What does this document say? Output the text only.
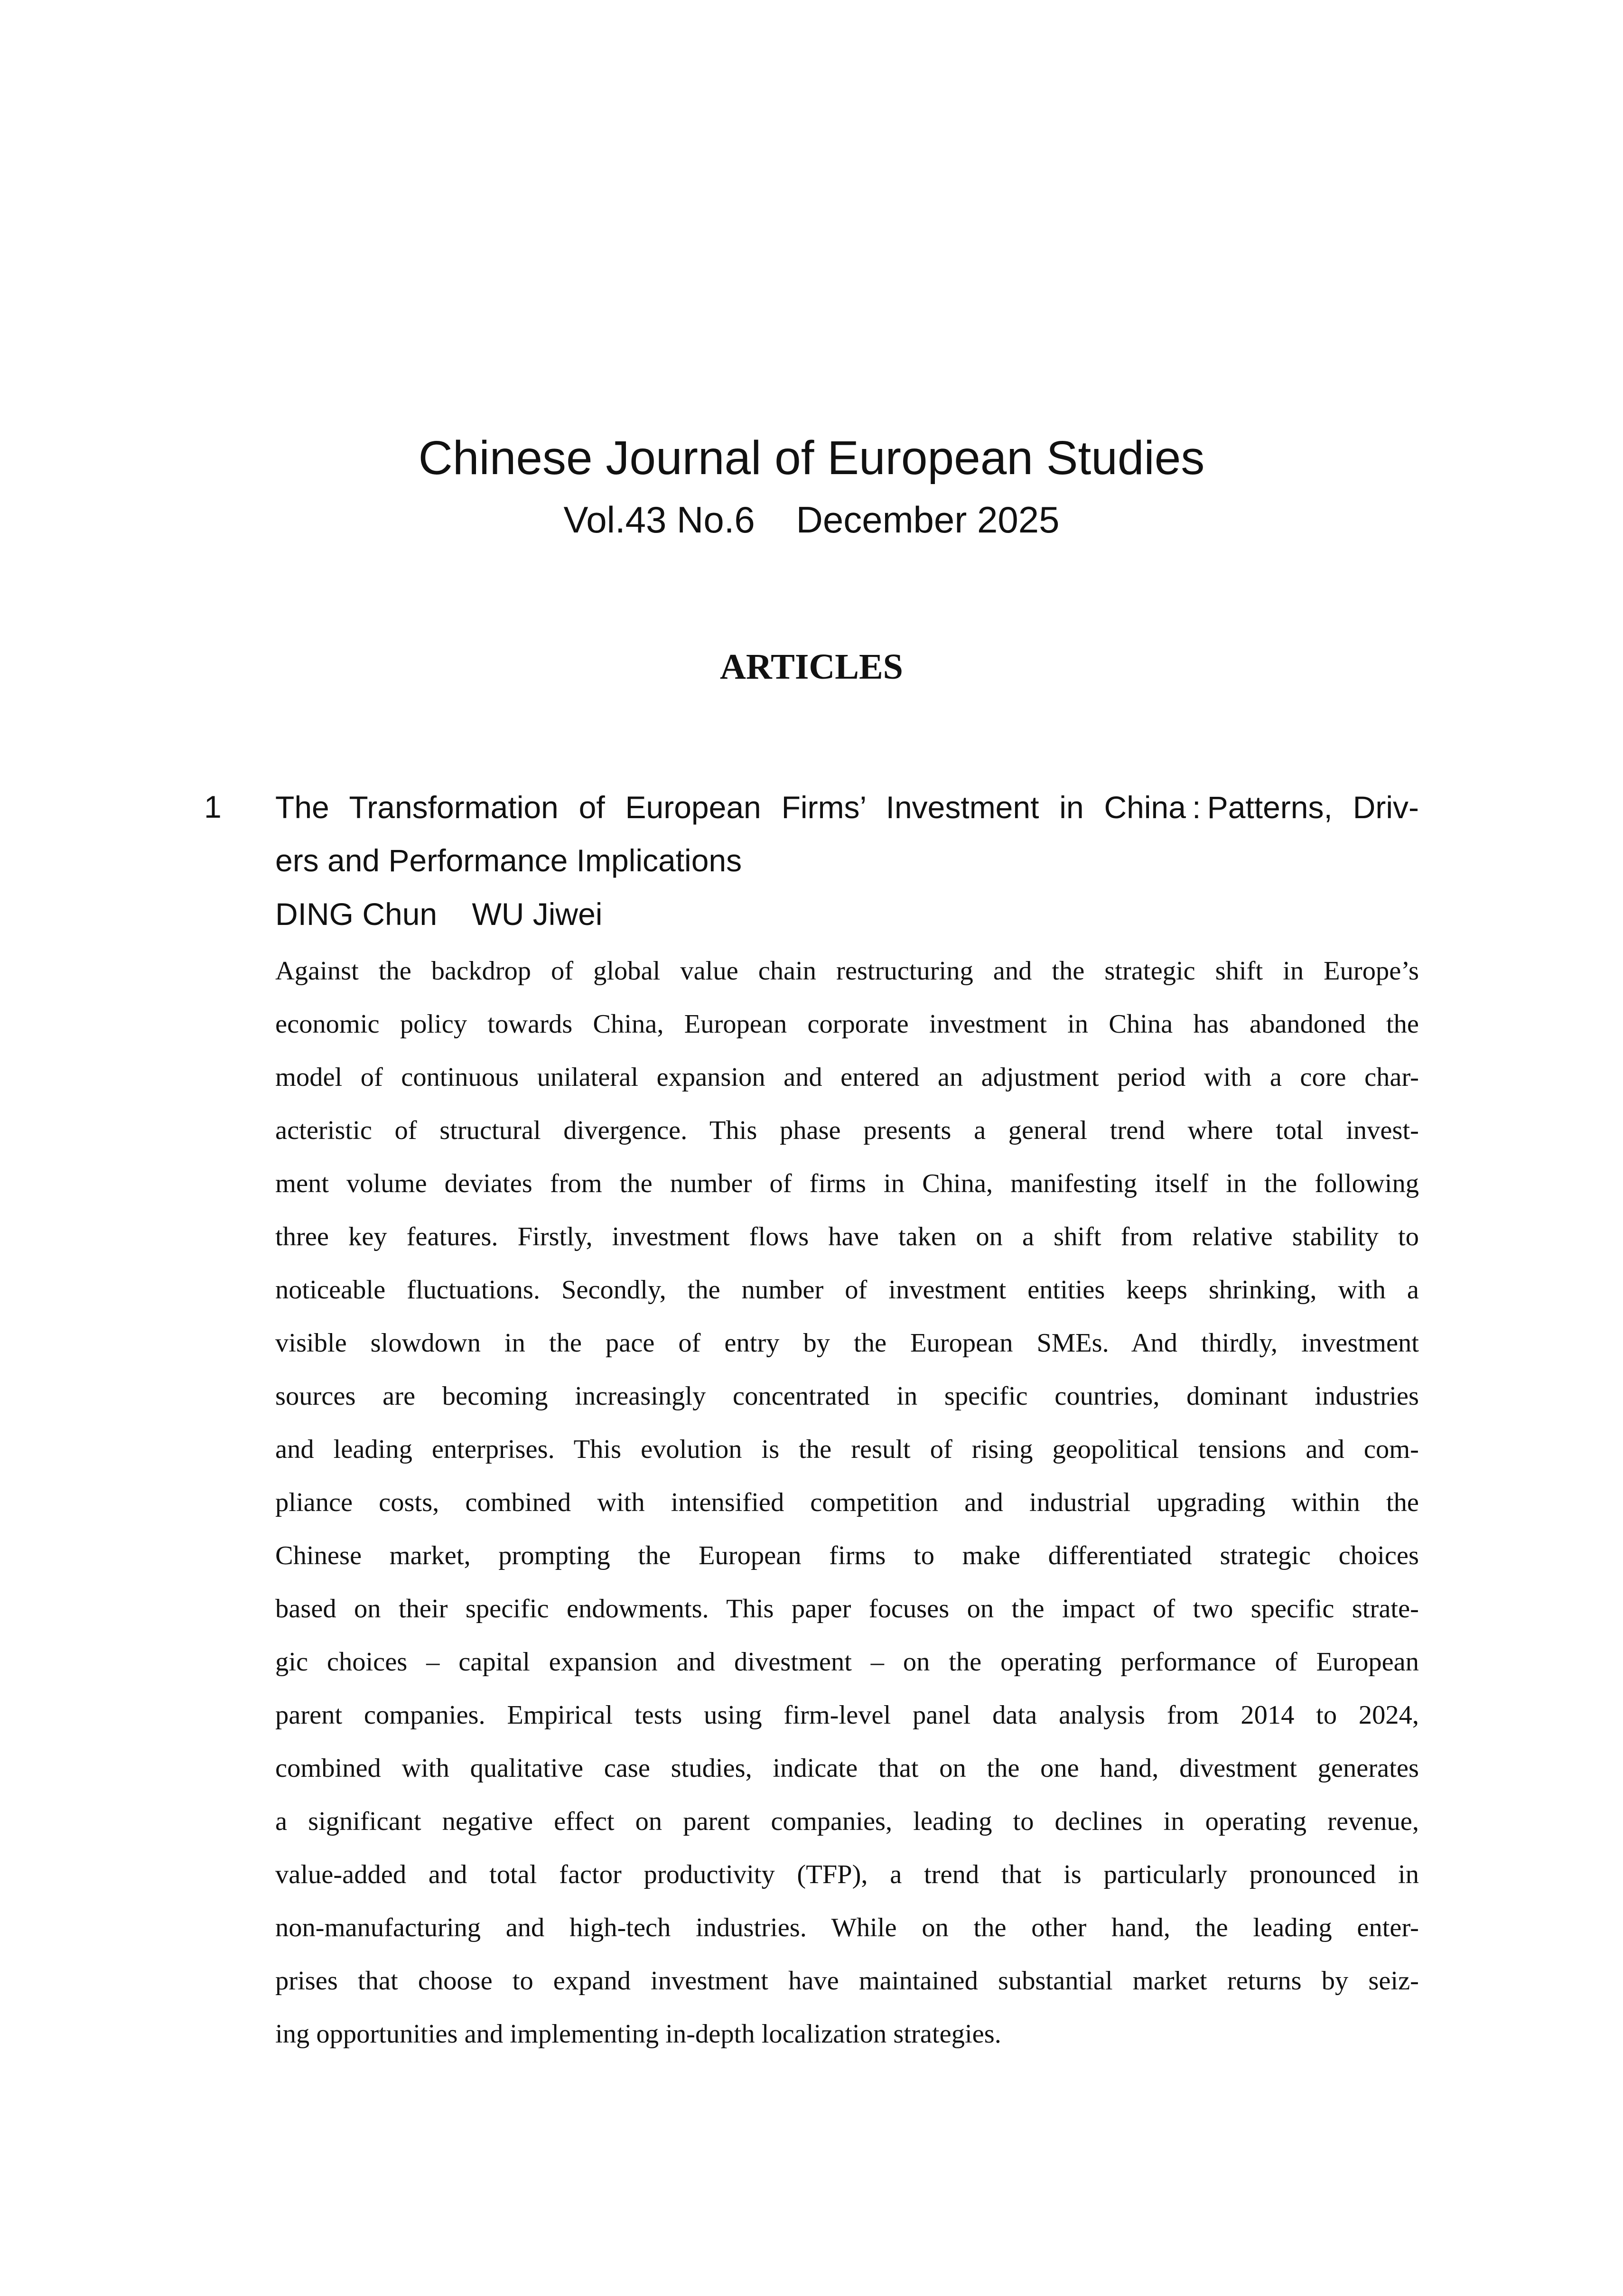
Chinese Journal of European Studies
Vol.43 No.6    December 2025
ARTICLES
1 The Transformation of European Firms’ Investment in China : Patterns, Driv-
ers and Performance Implications
DING Chun    WU Jiwei
Against the backdrop of global value chain restructuring and the strategic shift in Europe’s
economic policy towards China, European corporate investment in China has abandoned the
model of continuous unilateral expansion and entered an adjustment period with a core char-
acteristic of structural divergence. This phase presents a general trend where total invest-
ment volume deviates from the number of firms in China, manifesting itself in the following
three key features. Firstly, investment flows have taken on a shift from relative stability to
noticeable fluctuations. Secondly, the number of investment entities keeps shrinking, with a
visible slowdown in the pace of entry by the European SMEs. And thirdly, investment
sources are becoming increasingly concentrated in specific countries, dominant industries
and leading enterprises. This evolution is the result of rising geopolitical tensions and com-
pliance costs, combined with intensified competition and industrial upgrading within the
Chinese market, prompting the European firms to make differentiated strategic choices
based on their specific endowments. This paper focuses on the impact of two specific strate-
gic choices – capital expansion and divestment – on the operating performance of European
parent companies. Empirical tests using firm-level panel data analysis from 2014 to 2024,
combined with qualitative case studies, indicate that on the one hand, divestment generates
a significant negative effect on parent companies, leading to declines in operating revenue,
value-added and total factor productivity (TFP), a trend that is particularly pronounced in
non-manufacturing and high-tech industries. While on the other hand, the leading enter-
prises that choose to expand investment have maintained substantial market returns by seiz-
ing opportunities and implementing in-depth localization strategies.
